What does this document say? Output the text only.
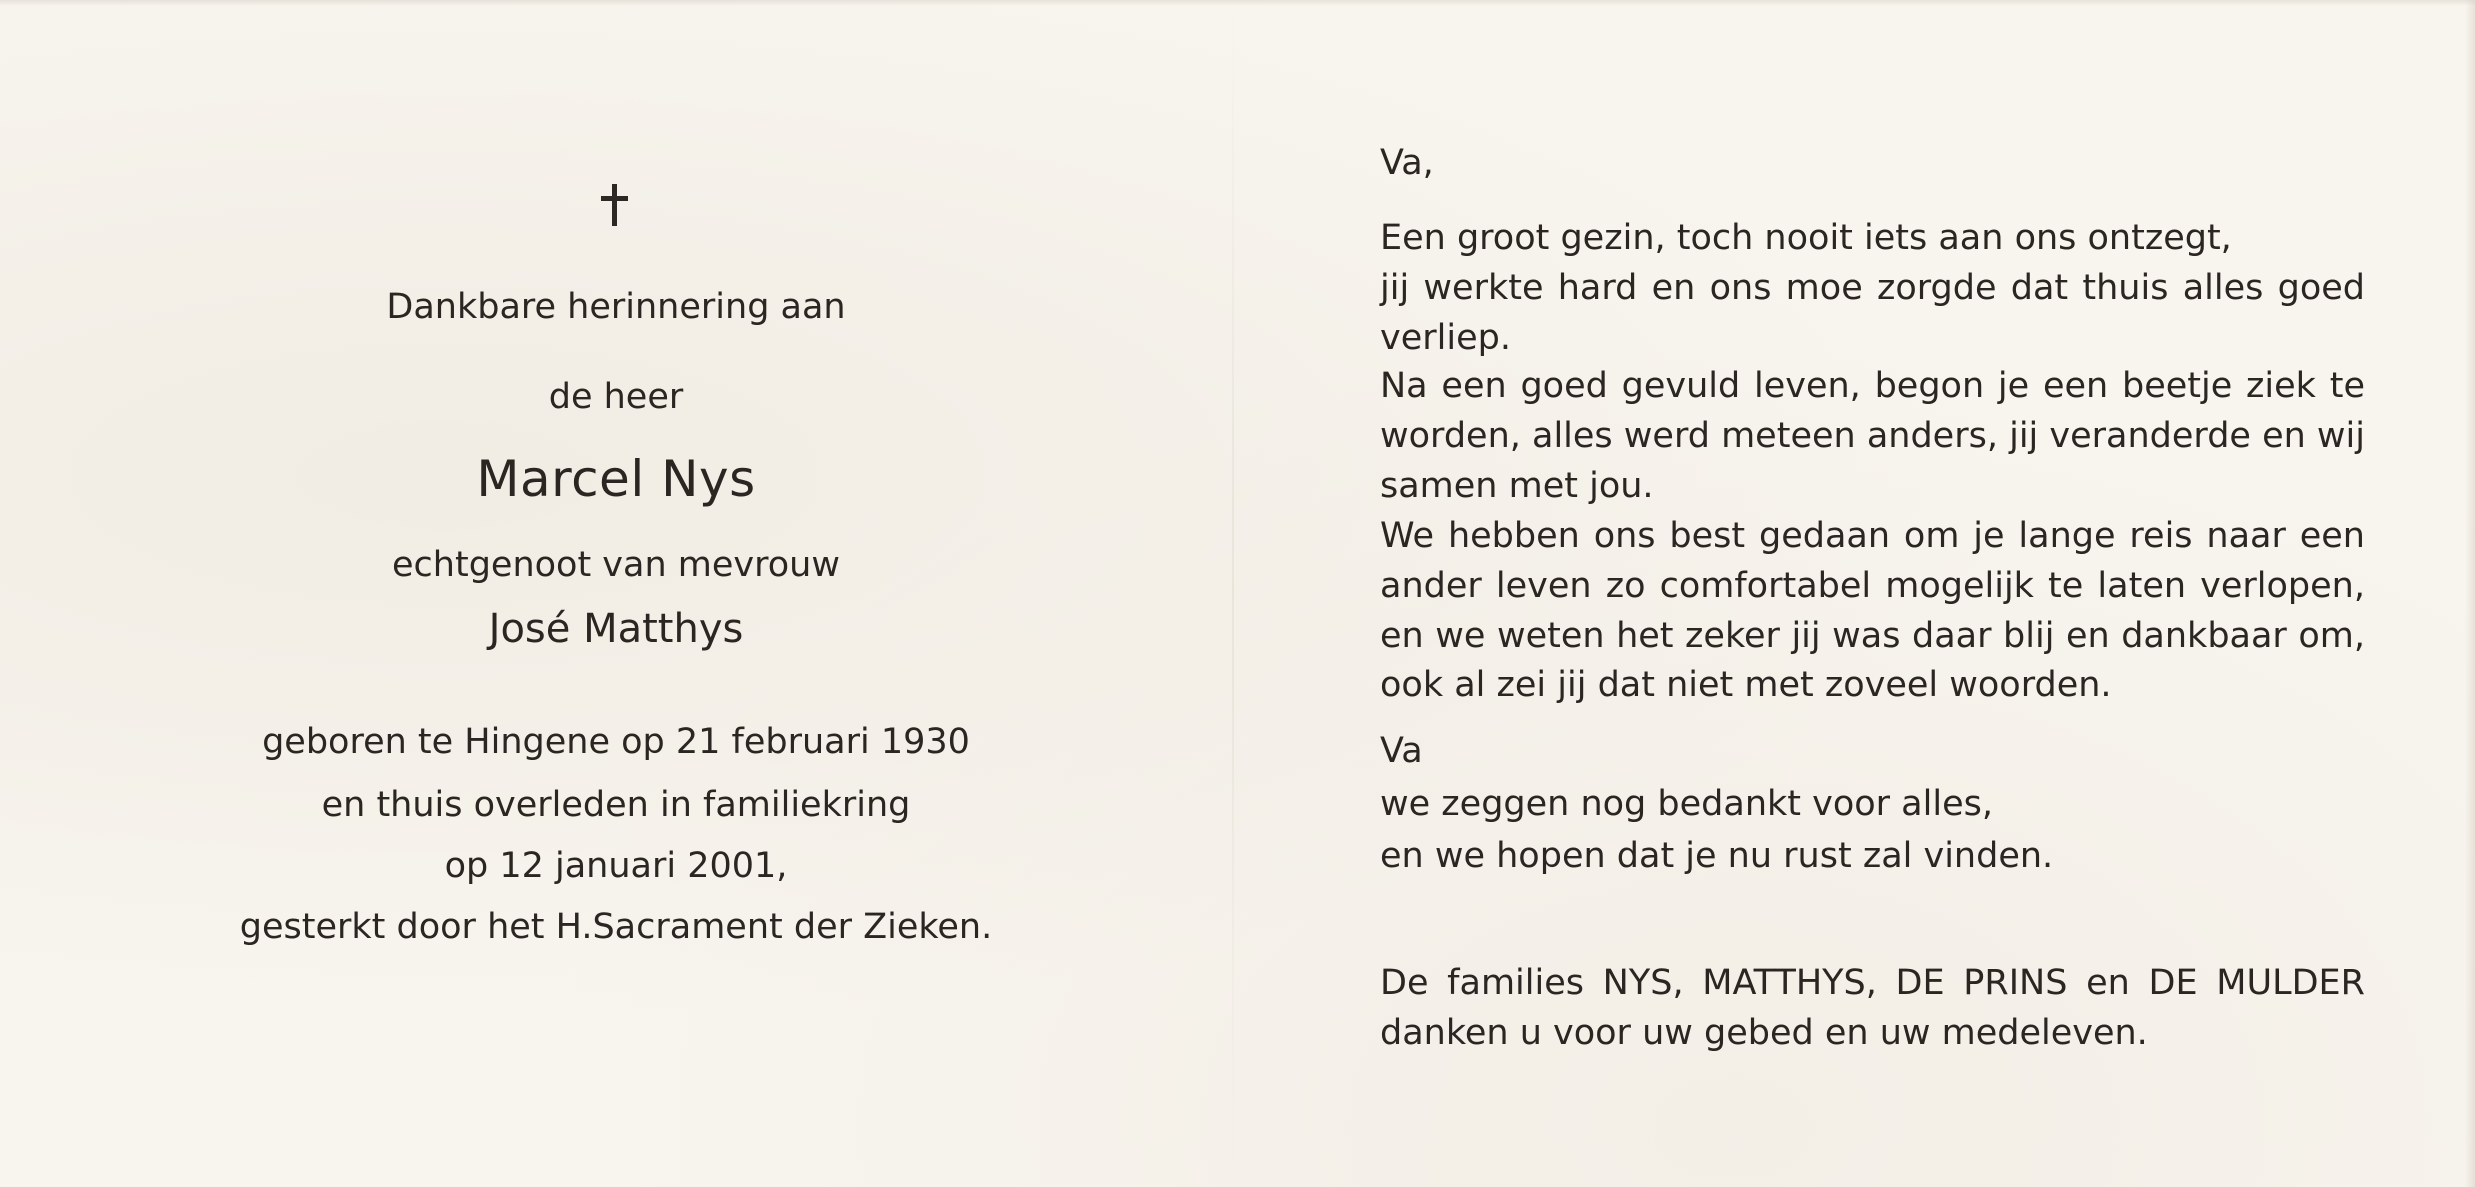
Dankbare herinnering aan
de heer
Marcel Nys
echtgenoot van mevrouw
José Matthys
geboren te Hingene op 21 februari 1930
en thuis overleden in familiekring
op 12 januari 2001,
gesterkt door het H.Sacrament der Zieken.
Va,
Een groot gezin, toch nooit iets aan ons ontzegt,
jij werkte hard en ons moe zorgde dat thuis alles goed
verliep.
Na een goed gevuld leven, begon je een beetje ziek te
worden, alles werd meteen anders, jij veranderde en wij
samen met jou.
We hebben ons best gedaan om je lange reis naar een
ander leven zo comfortabel mogelijk te laten verlopen,
en we weten het zeker jij was daar blij en dankbaar om,
ook al zei jij dat niet met zoveel woorden.
Va
we zeggen nog bedankt voor alles,
en we hopen dat je nu rust zal vinden.
De families NYS, MATTHYS, DE PRINS en DE MULDER
danken u voor uw gebed en uw medeleven.
